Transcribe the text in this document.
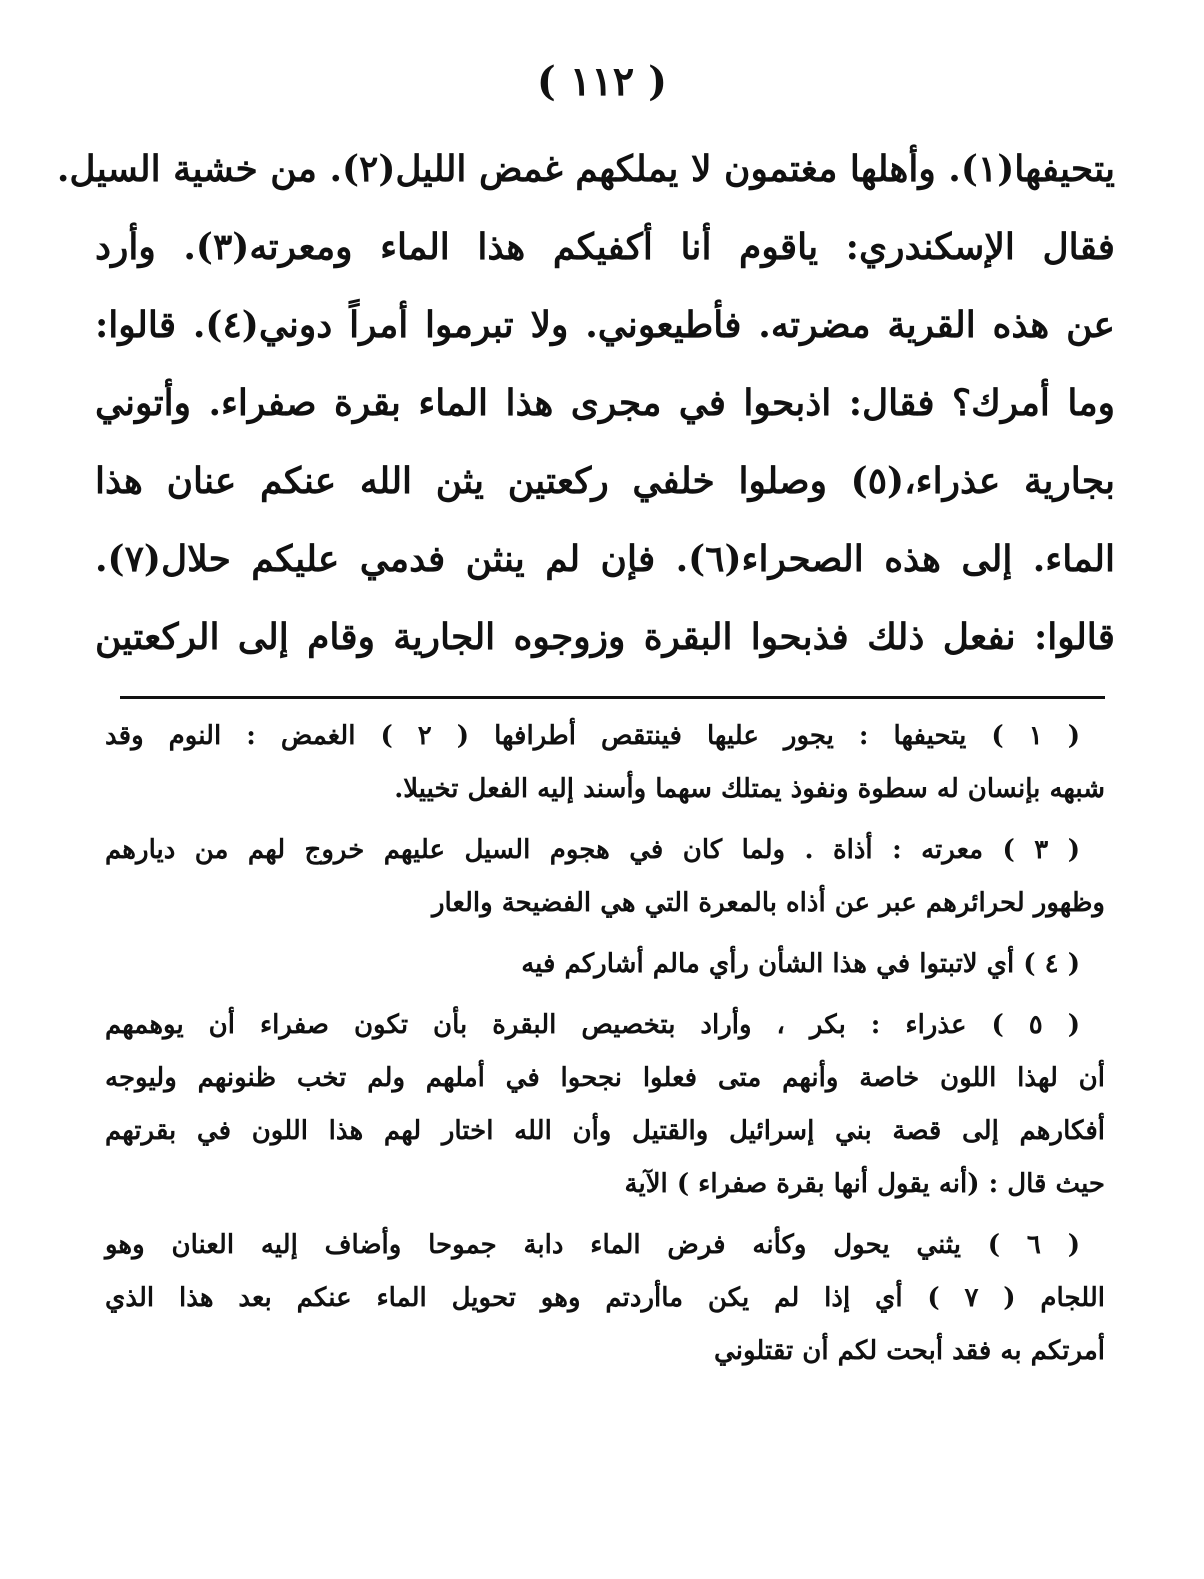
( ١١٢ )
يتحيفها(١). وأهلها مغتمون لا يملكهم غمض الليل(٢). من خشية السيل.
فقال الإسكندري: ياقوم أنا أكفيكم هذا الماء ومعرته(٣). وأرد
عن هذه القرية مضرته. فأطيعوني. ولا تبرموا أمراً دوني(٤). قالوا:
وما أمرك؟ فقال: اذبحوا في مجرى هذا الماء بقرة صفراء. وأتوني
بجارية عذراء،(٥) وصلوا خلفي ركعتين يثن الله عنكم عنان هذا
الماء. إلى هذه الصحراء(٦). فإن لم ينثن فدمي عليكم حلال(٧).
قالوا: نفعل ذلك فذبحوا البقرة وزوجوه الجارية وقام إلى الركعتين
( ١ ) يتحيفها : يجور عليها فينتقص أطرافها ( ٢ ) الغمض : النوم وقد
شبهه بإنسان له سطوة ونفوذ يمتلك سهما وأسند إليه الفعل تخييلا.
( ٣ ) معرته : أذاة . ولما كان في هجوم السيل عليهم خروج لهم من ديارهم
وظهور لحرائرهم عبر عن أذاه بالمعرة التي هي الفضيحة والعار
( ٤ ) أي لاتبتوا في هذا الشأن رأي مالم أشاركم فيه
( ٥ ) عذراء : بكر ، وأراد بتخصيص البقرة بأن تكون صفراء أن يوهمهم
أن لهذا اللون خاصة وأنهم متى فعلوا نجحوا في أملهم ولم تخب ظنونهم وليوجه
أفكارهم إلى قصة بني إسرائيل والقتيل وأن الله اختار لهم هذا اللون في بقرتهم
حيث قال : (أنه يقول أنها بقرة صفراء ) الآية
( ٦ ) يثني يحول وكأنه فرض الماء دابة جموحا وأضاف إليه العنان وهو
اللجام ( ٧ ) أي إذا لم يكن ماأردتم وهو تحويل الماء عنكم بعد هذا الذي
أمرتكم به فقد أبحت لكم أن تقتلوني
